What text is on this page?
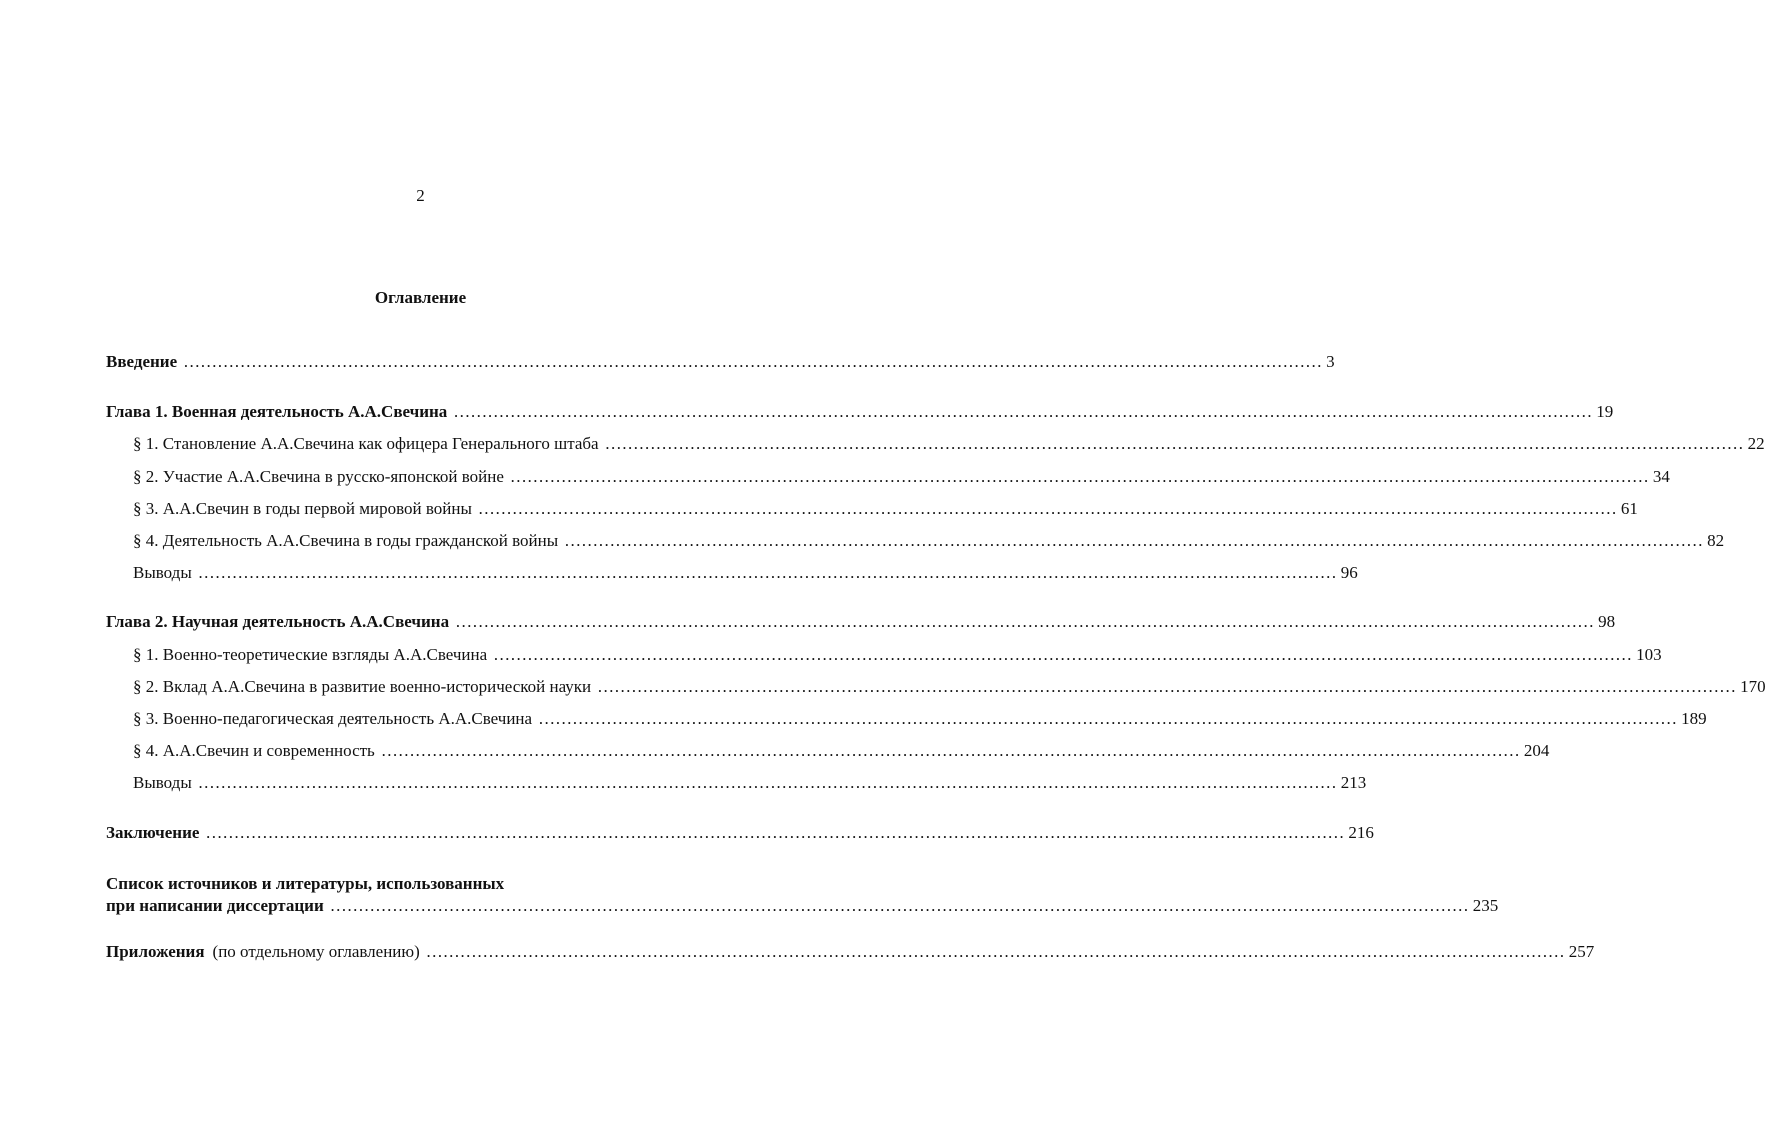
2
Оглавление
Введение ………………………………………………………………………………………………………………………………………………………………………………… 3
Глава 1. Военная деятельность А.А.Свечина ………………………………………………………………………………………………………………………………………………………………………………… 19
§ 1. Становление А.А.Свечина как офицера Генерального штаба ………………………………………………………………………………………………………………………………………………………………………………… 22
§ 2. Участие А.А.Свечина в русско-японской войне ………………………………………………………………………………………………………………………………………………………………………………… 34
§ 3. А.А.Свечин в годы первой мировой войны ………………………………………………………………………………………………………………………………………………………………………………… 61
§ 4. Деятельность А.А.Свечина в годы гражданской войны ………………………………………………………………………………………………………………………………………………………………………………… 82
Выводы ………………………………………………………………………………………………………………………………………………………………………………… 96
Глава 2. Научная деятельность А.А.Свечина ………………………………………………………………………………………………………………………………………………………………………………… 98
§ 1. Военно-теоретические взгляды А.А.Свечина ………………………………………………………………………………………………………………………………………………………………………………… 103
§ 2. Вклад А.А.Свечина в развитие военно-исторической науки ………………………………………………………………………………………………………………………………………………………………………………… 170
§ 3. Военно-педагогическая деятельность А.А.Свечина ………………………………………………………………………………………………………………………………………………………………………………… 189
§ 4. А.А.Свечин и современность ………………………………………………………………………………………………………………………………………………………………………………… 204
Выводы ………………………………………………………………………………………………………………………………………………………………………………… 213
Заключение ………………………………………………………………………………………………………………………………………………………………………………… 216
Список источников и литературы, использованных
при написании диссертации ………………………………………………………………………………………………………………………………………………………………………………… 235
Приложения (по отдельному оглавлению) ………………………………………………………………………………………………………………………………………………………………………………… 257
